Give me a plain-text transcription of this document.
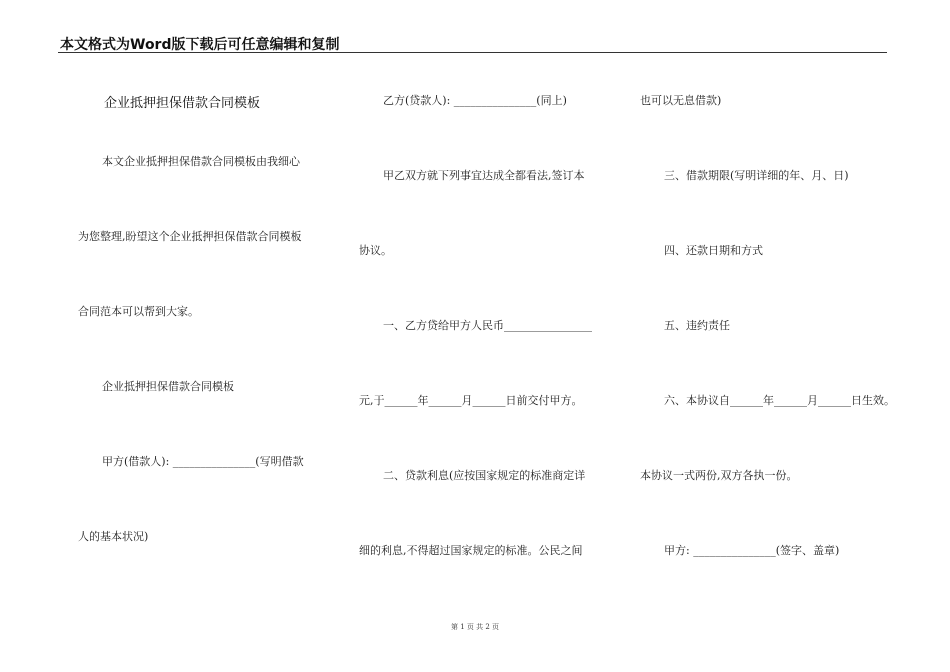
本文格式为Word版下载后可任意编辑和复制
企业抵押担保借款合同模板
本文企业抵押担保借款合同模板由我细心
为您整理,盼望这个企业抵押担保借款合同模板
合同范本可以帮到大家。
企业抵押担保借款合同模板
甲方(借款人): _______________(写明借款
人的基本状况)
乙方(贷款人): _______________(同上)
甲乙双方就下列事宜达成全都看法,签订本
协议。
一、乙方贷给甲方人民币________________
元,于______年______月______日前交付甲方。
二、贷款利息(应按国家规定的标准商定详
细的利息,不得超过国家规定的标准。公民之间
也可以无息借款)
三、借款期限(写明详细的年、月、日)
四、还款日期和方式
五、违约责任
六、本协议自______年______月______日生效。
本协议一式两份,双方各执一份。
甲方: _______________(签字、盖章)
第 1 页 共 2 页
